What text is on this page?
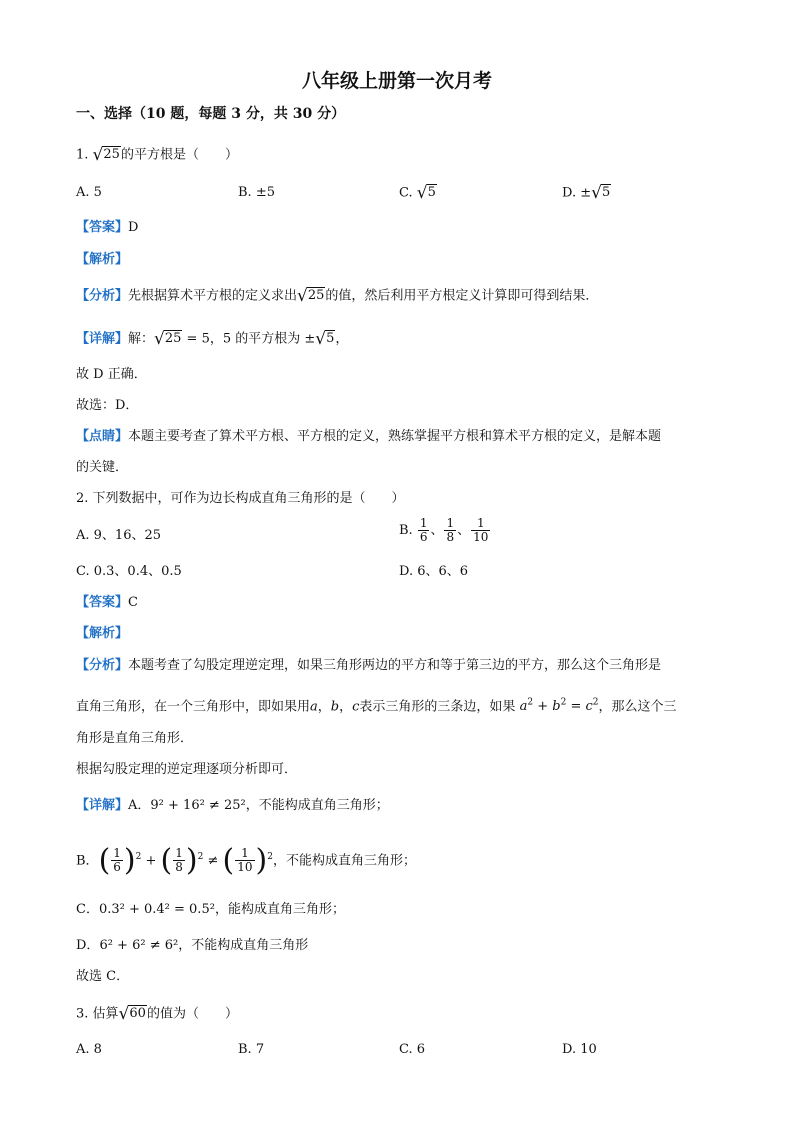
八年级上册第一次月考
一、选择（10 题，每题 3 分，共 30 分）
1. √25的平方根是（　　）
A. 5	B. ±5	C. √5	D. ±√5
【答案】D
【解析】
【分析】先根据算术平方根的定义求出√25的值，然后利用平方根定义计算即可得到结果．
【详解】解：√25 = 5，5 的平方根为 ±√5，
故 D 正确．
故选：D．
【点睛】本题主要考查了算术平方根、平方根的定义，熟练掌握平方根和算术平方根的定义，是解本题
的关键．
2. 下列数据中，可作为边长构成直角三角形的是（　　）
A. 9、16、25	B. $\frac{1}{6}$ 、 $\frac{1}{8}$ 、 $\frac{1}{10}$
C. 0.3、0.4、0.5	D. 6、6、6
【答案】C
【解析】
【分析】本题考查了勾股定理逆定理，如果三角形两边的平方和等于第三边的平方，那么这个三角形是
直角三角形，在一个三角形中，即如果用a，b，c表示三角形的三条边，如果 $a^2 + b^2 = c^2$，那么这个三
角形是直角三角形．
根据勾股定理的逆定理逐项分析即可．
【详解】A．9² + 16² ≠ 25²，不能构成直角三角形；
B．( $\frac{1}{6} )^2$ + ( $\frac{1}{8} )^2$ ≠ ( $\frac{1}{10} )^2$，不能构成直角三角形；
C．0.3² + 0.4² = 0.5²，能构成直角三角形；
D．6² + 6² ≠ 6²，不能构成直角三角形
故选 C．
3. 估算√60的值为（　　）
A. 8	B. 7	C. 6	D. 10
